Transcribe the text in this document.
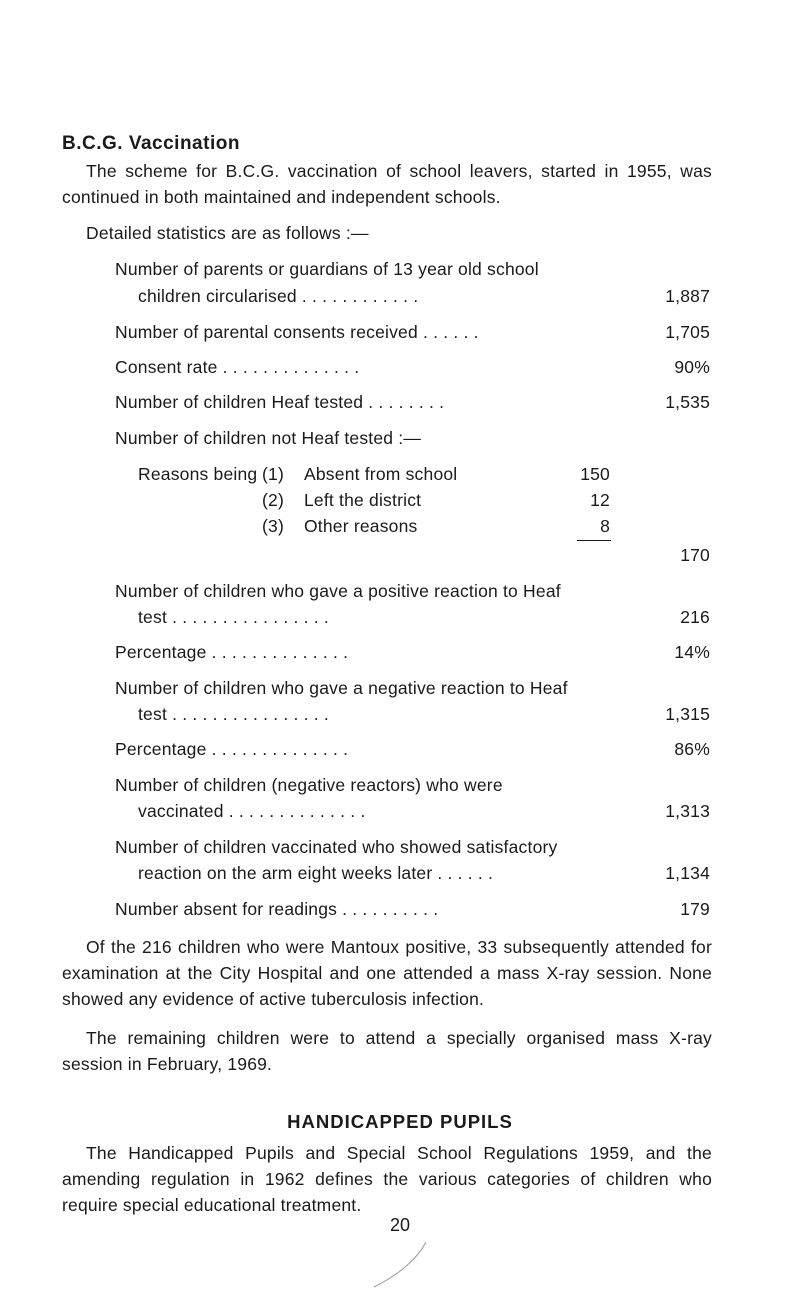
B.C.G. Vaccination
The scheme for B.C.G. vaccination of school leavers, started in 1955, was continued in both maintained and independent schools.
Detailed statistics are as follows :—
Number of parents or guardians of 13 year old school
children circularised . . . . . . . . . . . .	1,887
Number of parental consents received . . . . . .	1,705
Consent rate . . . . . . . . . . . . . .	90%
Number of children Heaf tested . . . . . . . .	1,535
Number of children not Heaf tested :—
Reasons being (1) Absent from school	150
(2) Left the district	12
(3) Other reasons	8
170
Number of children who gave a positive reaction to Heaf
test . . . . . . . . . . . . . . . .	216
Percentage . . . . . . . . . . . . . .	14%
Number of children who gave a negative reaction to Heaf
test . . . . . . . . . . . . . . . .	1,315
Percentage . . . . . . . . . . . . . .	86%
Number of children (negative reactors) who were
vaccinated . . . . . . . . . . . . . .	1,313
Number of children vaccinated who showed satisfactory
reaction on the arm eight weeks later . . . . . .	1,134
Number absent for readings . . . . . . . . . .	179
Of the 216 children who were Mantoux positive, 33 subsequently attended for examination at the City Hospital and one attended a mass X-ray session. None showed any evidence of active tuberculosis infection.
The remaining children were to attend a specially organised mass X-ray session in February, 1969.
HANDICAPPED PUPILS
The Handicapped Pupils and Special School Regulations 1959, and the amending regulation in 1962 defines the various categories of children who require special educational treatment.
20
